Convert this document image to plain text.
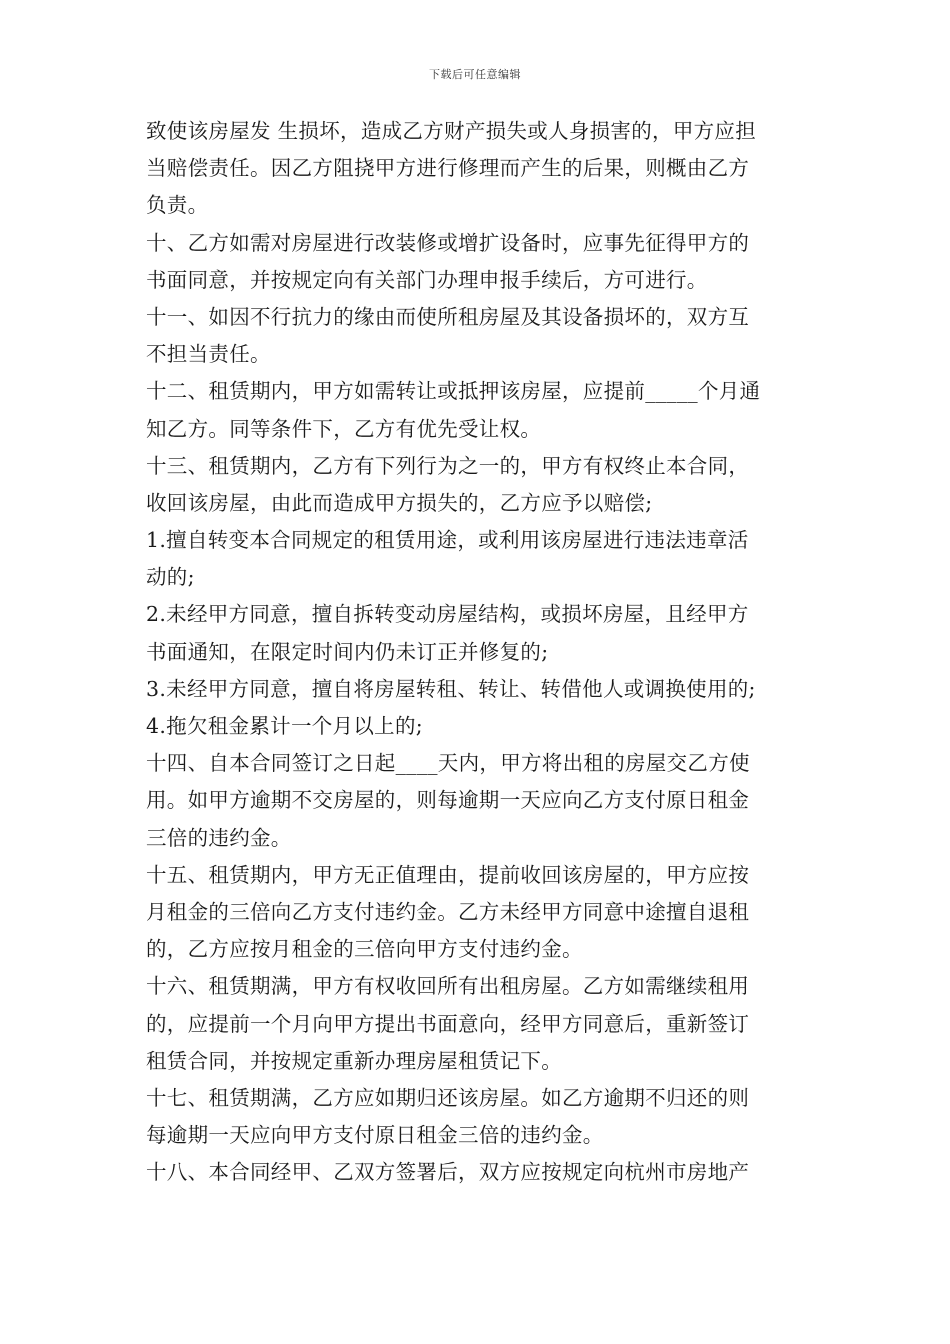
下载后可任意编辑
致使该房屋发 生损坏，造成乙方财产损失或人身损害的，甲方应担
当赔偿责任。因乙方阻挠甲方进行修理而产生的后果，则概由乙方
负责。
十、乙方如需对房屋进行改装修或增扩设备时，应事先征得甲方的
书面同意，并按规定向有关部门办理申报手续后，方可进行。
十一、如因不行抗力的缘由而使所租房屋及其设备损坏的，双方互
不担当责任。
十二、租赁期内，甲方如需转让或抵押该房屋，应提前_____个月通
知乙方。同等条件下，乙方有优先受让权。
十三、租赁期内，乙方有下列行为之一的，甲方有权终止本合同，
收回该房屋，由此而造成甲方损失的，乙方应予以赔偿;
1.擅自转变本合同规定的租赁用途，或利用该房屋进行违法违章活
动的;
2.未经甲方同意，擅自拆转变动房屋结构，或损坏房屋，且经甲方
书面通知，在限定时间内仍未订正并修复的;
3.未经甲方同意，擅自将房屋转租、转让、转借他人或调换使用的;
4.拖欠租金累计一个月以上的;
十四、自本合同签订之日起____天内，甲方将出租的房屋交乙方使
用。如甲方逾期不交房屋的，则每逾期一天应向乙方支付原日租金
三倍的违约金。
十五、租赁期内，甲方无正值理由，提前收回该房屋的，甲方应按
月租金的三倍向乙方支付违约金。乙方未经甲方同意中途擅自退租
的，乙方应按月租金的三倍向甲方支付违约金。
十六、租赁期满，甲方有权收回所有出租房屋。乙方如需继续租用
的，应提前一个月向甲方提出书面意向，经甲方同意后，重新签订
租赁合同，并按规定重新办理房屋租赁记下。
十七、租赁期满，乙方应如期归还该房屋。如乙方逾期不归还的则
每逾期一天应向甲方支付原日租金三倍的违约金。
十八、本合同经甲、乙双方签署后，双方应按规定向杭州市房地产
